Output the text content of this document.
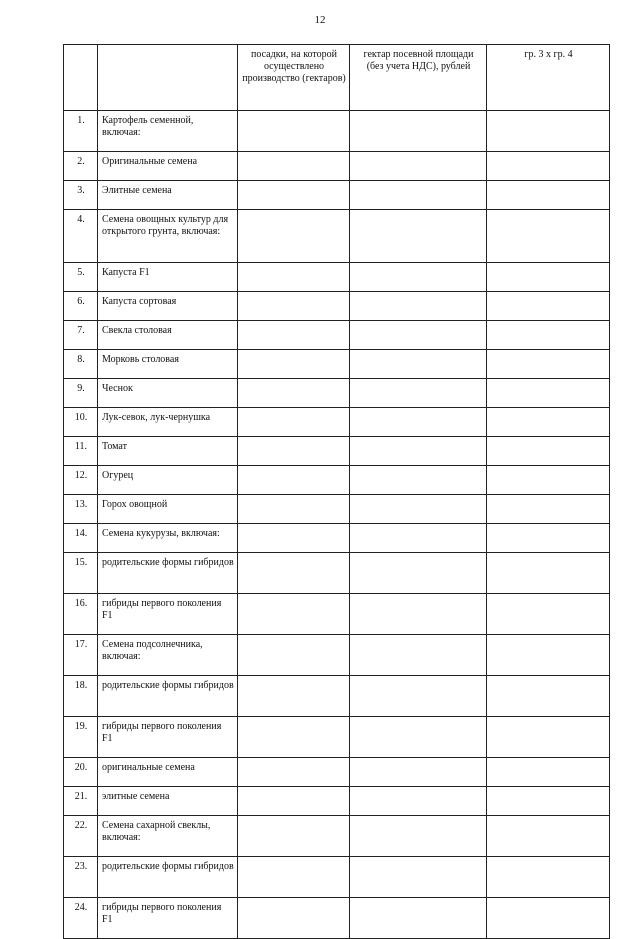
12
		посадки, на которой осуществлено производство (гектаров)	гектар посевной площади (без учета НДС), рублей	гр. 3 x гр. 4
1.	Картофель семенной, включая:			
2.	Оригинальные семена			
3.	Элитные семена			
4.	Семена овощных культур для открытого грунта, включая:			
5.	Капуста F1			
6.	Капуста сортовая			
7.	Свекла столовая			
8.	Морковь столовая			
9.	Чеснок			
10.	Лук-севок, лук-чернушка			
11.	Томат			
12.	Огурец			
13.	Горох овощной			
14.	Семена кукурузы, включая:			
15.	родительские формы гибридов			
16.	гибриды первого поколения F1			
17.	Семена подсолнечника, включая:			
18.	родительские формы гибридов			
19.	гибриды первого поколения F1			
20.	оригинальные семена			
21.	элитные семена			
22.	Семена сахарной свеклы, включая:			
23.	родительские формы гибридов			
24.	гибриды первого поколения F1			
